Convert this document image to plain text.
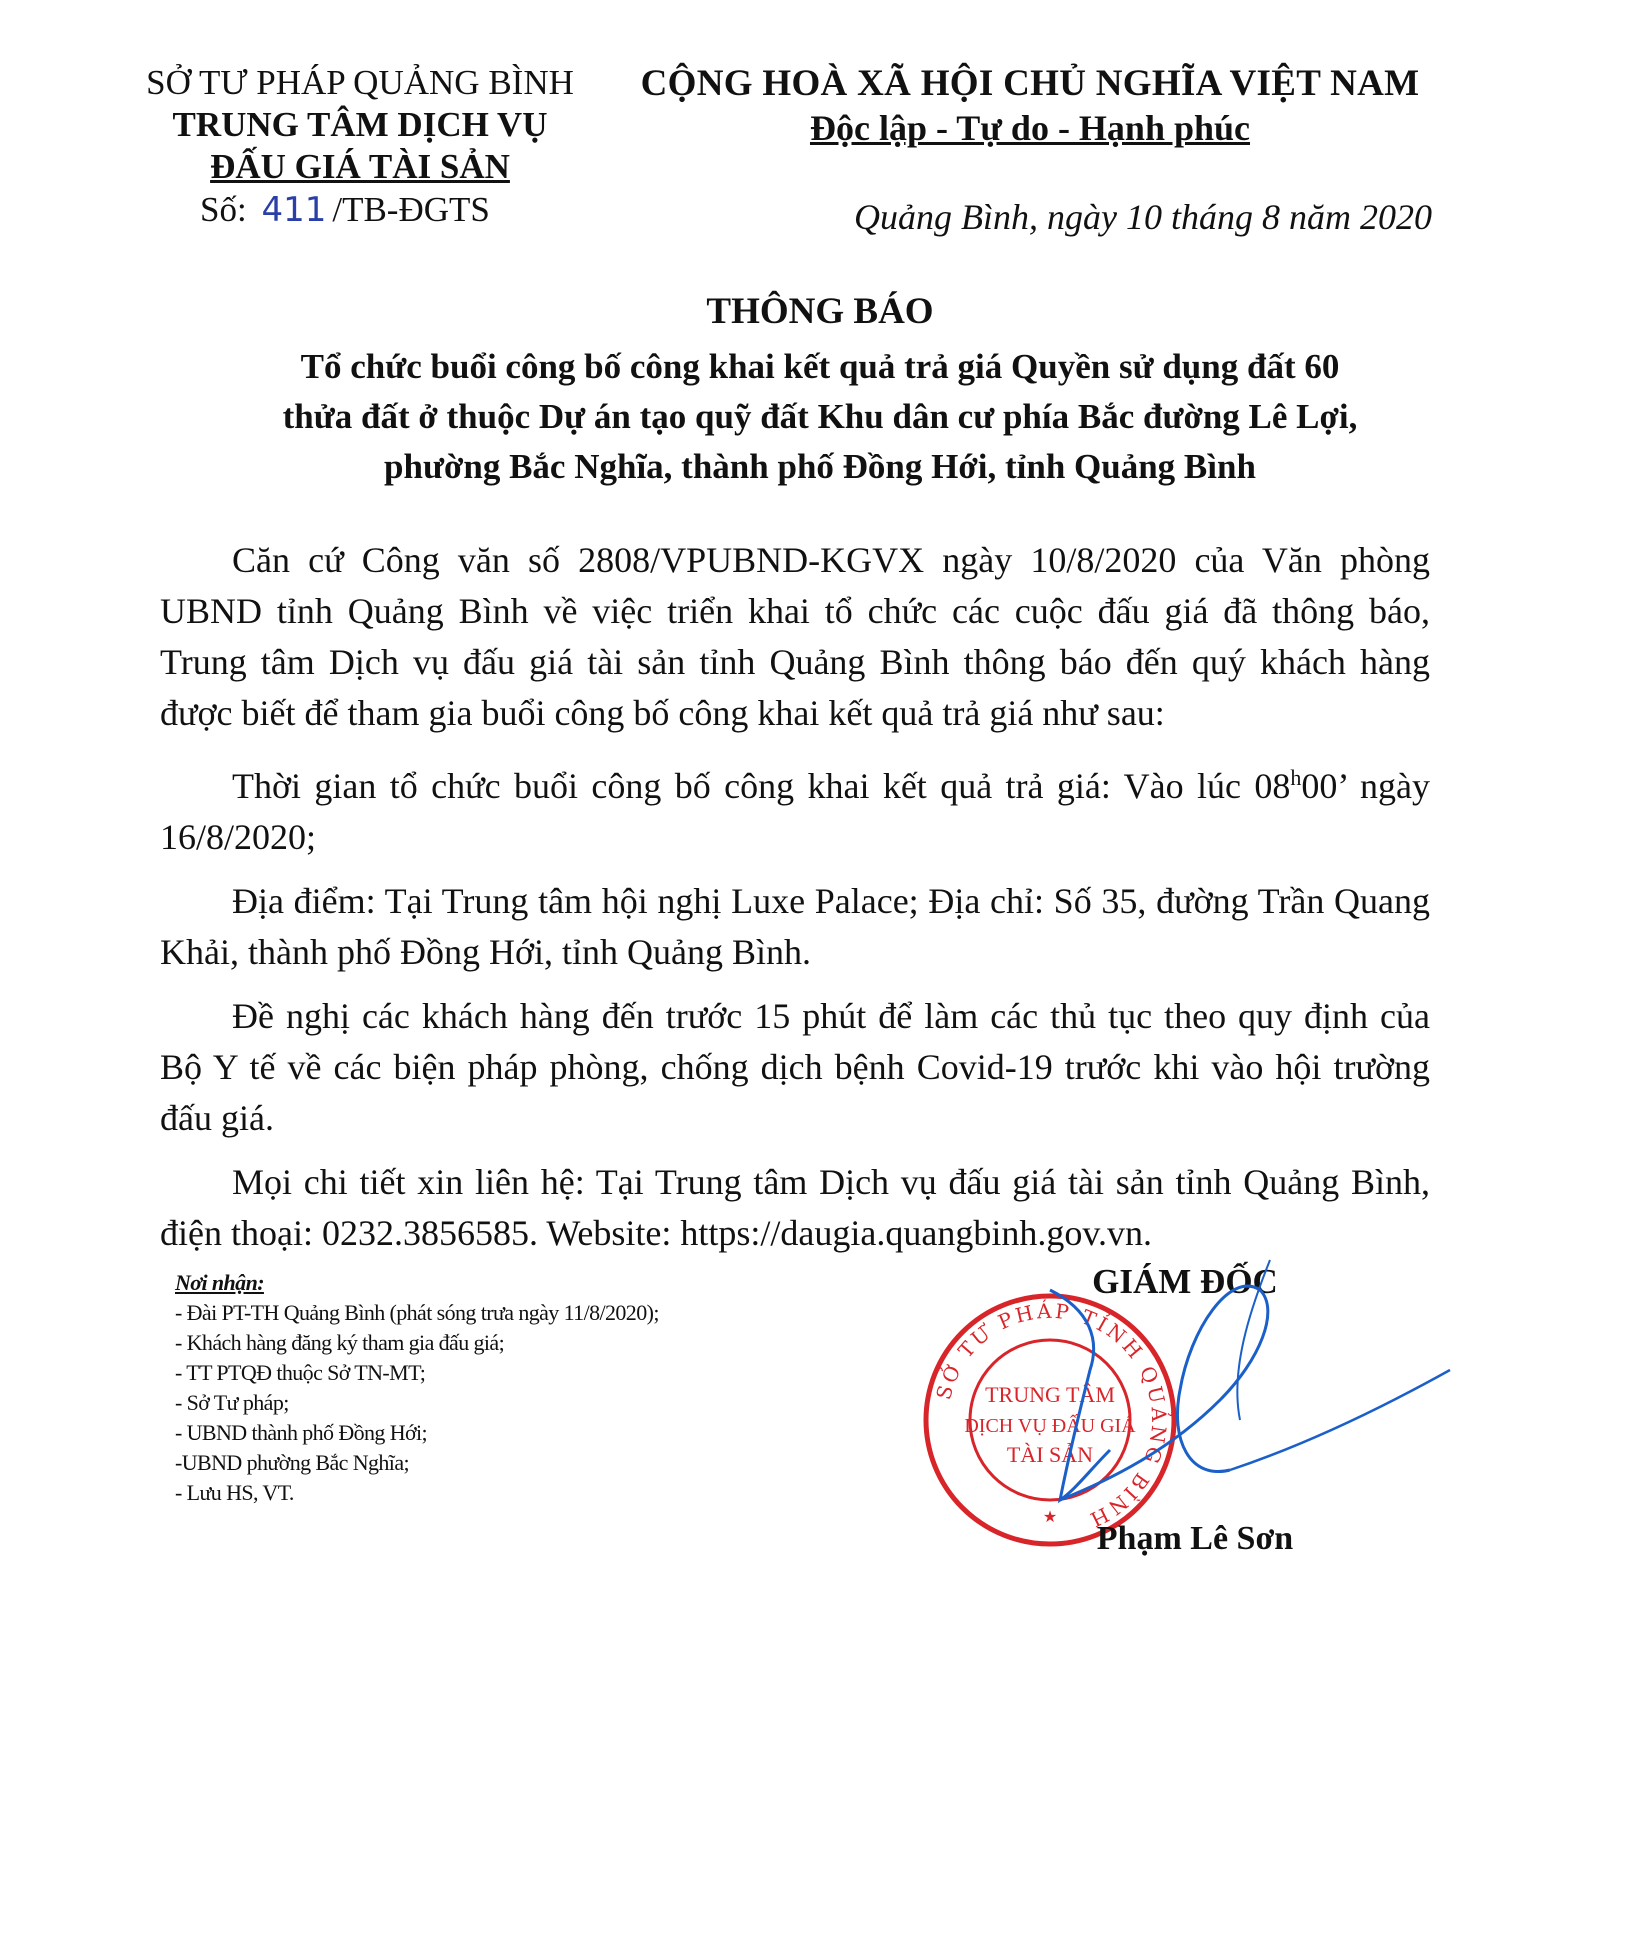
SỞ TƯ PHÁP QUẢNG BÌNH
TRUNG TÂM DỊCH VỤ
ĐẤU GIÁ TÀI SẢN
Số: 411 /TB-ĐGTS
CỘNG HOÀ XÃ HỘI CHỦ NGHĨA VIỆT NAM
Độc lập - Tự do - Hạnh phúc
Quảng Bình, ngày 10 tháng 8 năm 2020
THÔNG BÁO
Tổ chức buổi công bố công khai kết quả trả giá Quyền sử dụng đất 60
thửa đất ở thuộc Dự án tạo quỹ đất Khu dân cư phía Bắc đường Lê Lợi,
phường Bắc Nghĩa, thành phố Đồng Hới, tỉnh Quảng Bình

Căn cứ Công văn số 2808/VPUBND-KGVX ngày 10/8/2020 của Văn phòng UBND tỉnh Quảng Bình về việc triển khai tổ chức các cuộc đấu giá đã thông báo, Trung tâm Dịch vụ đấu giá tài sản tỉnh Quảng Bình thông báo đến quý khách hàng được biết để tham gia buổi công bố công khai kết quả trả giá như sau:

Thời gian tổ chức buổi công bố công khai kết quả trả giá: Vào lúc 08$^h$00’ ngày 16/8/2020;

Địa điểm: Tại Trung tâm hội nghị Luxe Palace; Địa chỉ: Số 35, đường Trần Quang Khải, thành phố Đồng Hới, tỉnh Quảng Bình.

Đề nghị các khách hàng đến trước 15 phút để làm các thủ tục theo quy định của Bộ Y tế về các biện pháp phòng, chống dịch bệnh Covid-19 trước khi vào hội trường đấu giá.

Mọi chi tiết xin liên hệ: Tại Trung tâm Dịch vụ đấu giá tài sản tỉnh Quảng Bình, điện thoại: 0232.3856585. Website: https://daugia.quangbinh.gov.vn.

Nơi nhận:
- Đài PT-TH Quảng Bình (phát sóng trưa ngày 11/8/2020);
- Khách hàng đăng ký tham gia đấu giá;
- TT PTQĐ thuộc Sở TN-MT;
- Sở Tư pháp;
- UBND thành phố Đồng Hới;
-UBND phường Bắc Nghĩa;
- Lưu HS, VT.
SỞ TƯ PHÁP TỈNH QUẢNG BÌNH
TRUNG TÂM
DỊCH VỤ ĐẤU GIÁ
TÀI SẢN
★
GIÁM ĐỐC
Phạm Lê Sơn
